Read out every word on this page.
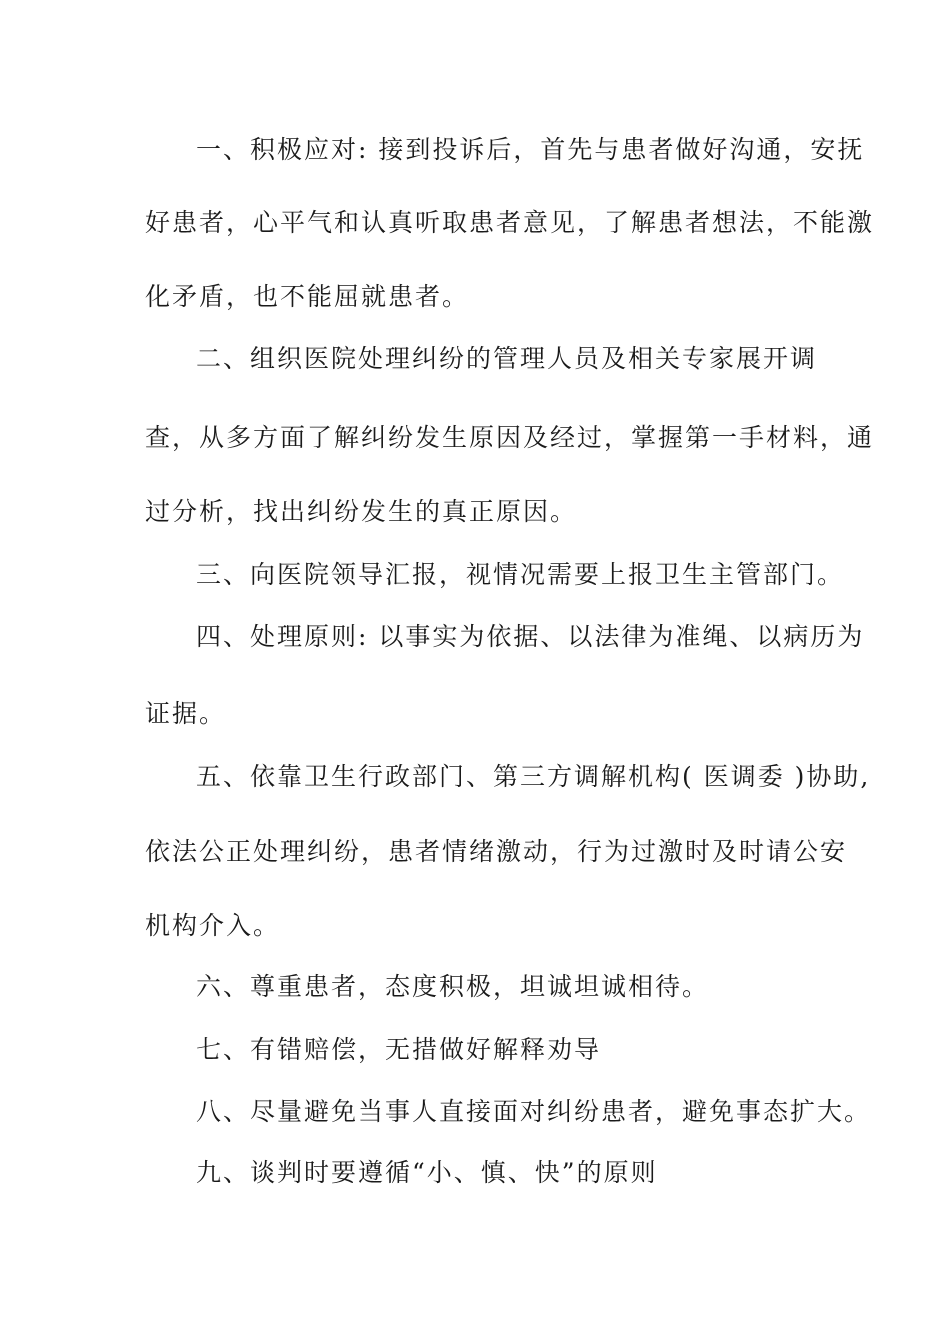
一、积极应对: 接到投诉后，首先与患者做好沟通，安抚
好患者，心平气和认真听取患者意见，了解患者想法，不能激
化矛盾，也不能屈就患者。
二、组织医院处理纠纷的管理人员及相关专家展开调
查，从多方面了解纠纷发生原因及经过，掌握第一手材料，通
过分析，找出纠纷发生的真正原因。
三、向医院领导汇报，视情况需要上报卫生主管部门。
四、处理原则: 以事实为依据、以法律为准绳、以病历为
证据。
五、依靠卫生行政部门、第三方调解机构( 医调委 )协助,
依法公正处理纠纷，患者情绪激动，行为过激时及时请公安
机构介入。
六、尊重患者，态度积极，坦诚坦诚相待。
七、有错赔偿，无措做好解释劝导
八、尽量避免当事人直接面对纠纷患者，避免事态扩大。
九、谈判时要遵循“小、慎、快”的原则
